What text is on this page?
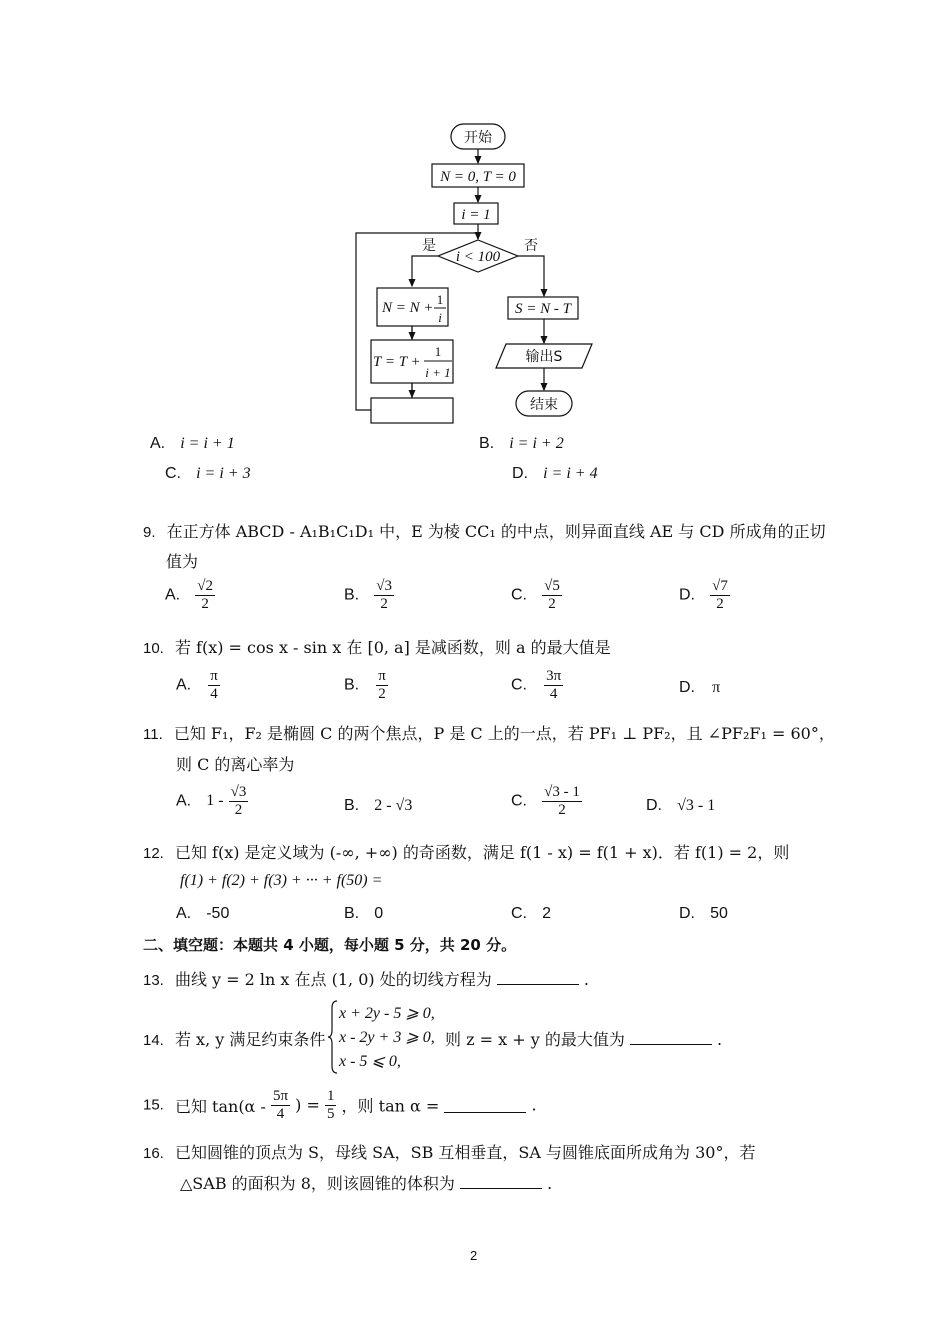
开始
N = 0, T = 0
i = 1
i < 100
是	否
N = N +
1
i
T = T +
1
i + 1
S = N - T
输出S
结束
A. i = i + 1	B. i = i + 2
C. i = i + 3	D. i = i + 4
9. 在正方体 ABCD - A₁B₁C₁D₁ 中，E 为棱 CC₁ 的中点，则异面直线 AE 与 CD 所成角的正切
值为
A. $\frac{√2}{2}$	B. $\frac{√3}{2}$	C. $\frac{√5}{2}$	D. $\frac{√7}{2}$
10. 若 f(x) = cos x - sin x 在 [0, a] 是减函数，则 a 的最大值是
A. $\frac{\pi}{4}$	B. $\frac{\pi}{2}$	C. $\frac{3\pi}{4}$	D. π
11. 已知 F₁，F₂ 是椭圆 C 的两个焦点，P 是 C 上的一点，若 PF₁ ⊥ PF₂，且 ∠PF₂F₁ = 60°，
则 C 的离心率为
A. $1 - \frac{√3}{2}$	B. 2 - √3	C. $\frac{√3 - 1}{2}$	D. √3 - 1
12. 已知 f(x) 是定义域为 (-∞, +∞) 的奇函数，满足 f(1 - x) = f(1 + x)．若 f(1) = 2，则
f(1) + f(2) + f(3) + ··· + f(50) =
A. -50	B. 0	C. 2	D. 50
二、填空题：本题共 4 小题，每小题 5 分，共 20 分。
13. 曲线 y = 2 ln x 在点 (1, 0) 处的切线方程为	.
14. 若 x, y 满足约束条件
x + 2y - 5 ⩾ 0,
x - 2y + 3 ⩾ 0,
x - 5 ⩽ 0,
则 z = x + y 的最大值为	.
15. 已知 $\tan(\alpha - \frac{5\pi}{4}$ ) = $\frac{1}{5}$ ，则 tan α =	.
16. 已知圆锥的顶点为 S，母线 SA，SB 互相垂直，SA 与圆锥底面所成角为 30°，若
△SAB 的面积为 8，则该圆锥的体积为	.
2
